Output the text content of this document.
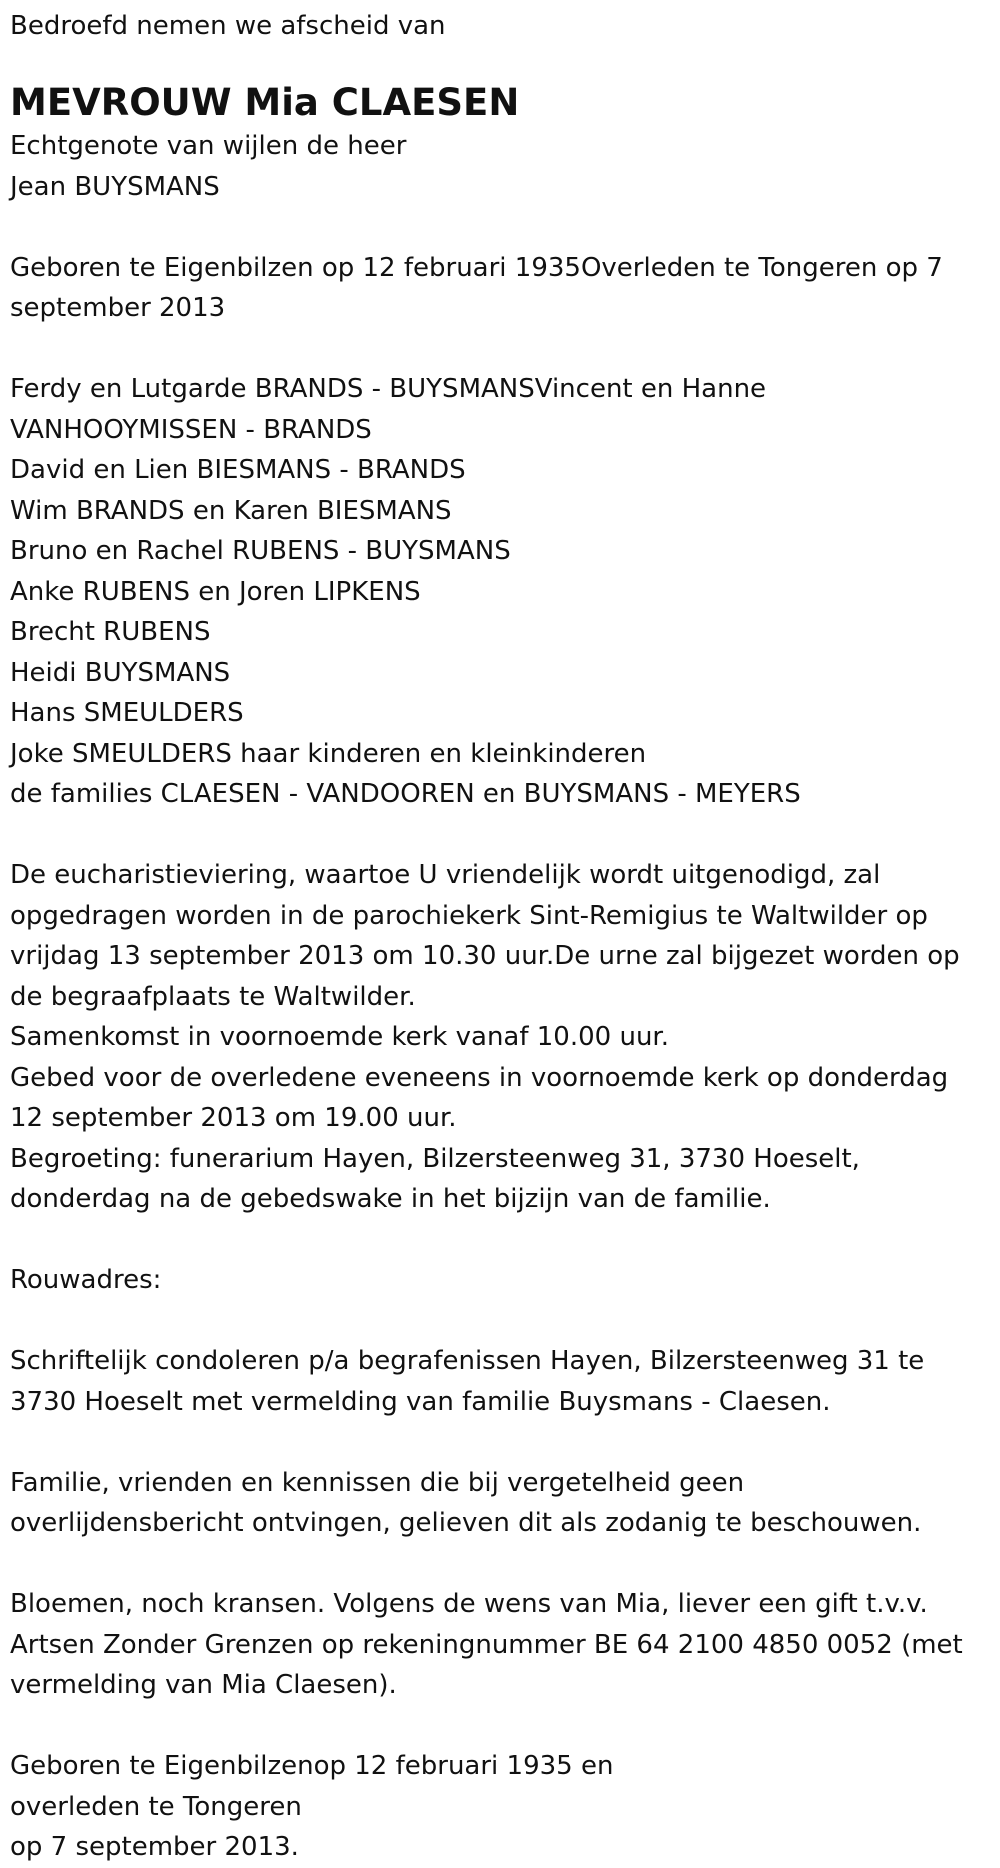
Bedroefd nemen we afscheid van
MEVROUW Mia CLAESEN
Echtgenote van wijlen de heer
Jean BUYSMANS
Geboren te Eigenbilzen op 12 februari 1935Overleden te Tongeren op 7
september 2013
Ferdy en Lutgarde BRANDS - BUYSMANSVincent en Hanne
VANHOOYMISSEN - BRANDS
David en Lien BIESMANS - BRANDS
Wim BRANDS en Karen BIESMANS
Bruno en Rachel RUBENS - BUYSMANS
Anke RUBENS en Joren LIPKENS
Brecht RUBENS
Heidi BUYSMANS
Hans SMEULDERS
Joke SMEULDERS haar kinderen en kleinkinderen
de families CLAESEN - VANDOOREN en BUYSMANS - MEYERS
De eucharistieviering, waartoe U vriendelijk wordt uitgenodigd, zal
opgedragen worden in de parochiekerk Sint-Remigius te Waltwilder op
vrijdag 13 september 2013 om 10.30 uur.De urne zal bijgezet worden op
de begraafplaats te Waltwilder.
Samenkomst in voornoemde kerk vanaf 10.00 uur.
Gebed voor de overledene eveneens in voornoemde kerk op donderdag
12 september 2013 om 19.00 uur.
Begroeting: funerarium Hayen, Bilzersteenweg 31, 3730 Hoeselt,
donderdag na de gebedswake in het bijzijn van de familie.
Rouwadres:
Schriftelijk condoleren p/a begrafenissen Hayen, Bilzersteenweg 31 te
3730 Hoeselt met vermelding van familie Buysmans - Claesen.
Familie, vrienden en kennissen die bij vergetelheid geen
overlijdensbericht ontvingen, gelieven dit als zodanig te beschouwen.
Bloemen, noch kransen. Volgens de wens van Mia, liever een gift t.v.v.
Artsen Zonder Grenzen op rekeningnummer BE 64 2100 4850 0052 (met
vermelding van Mia Claesen).
Geboren te Eigenbilzenop 12 februari 1935 en
overleden te Tongeren
op 7 september 2013.
